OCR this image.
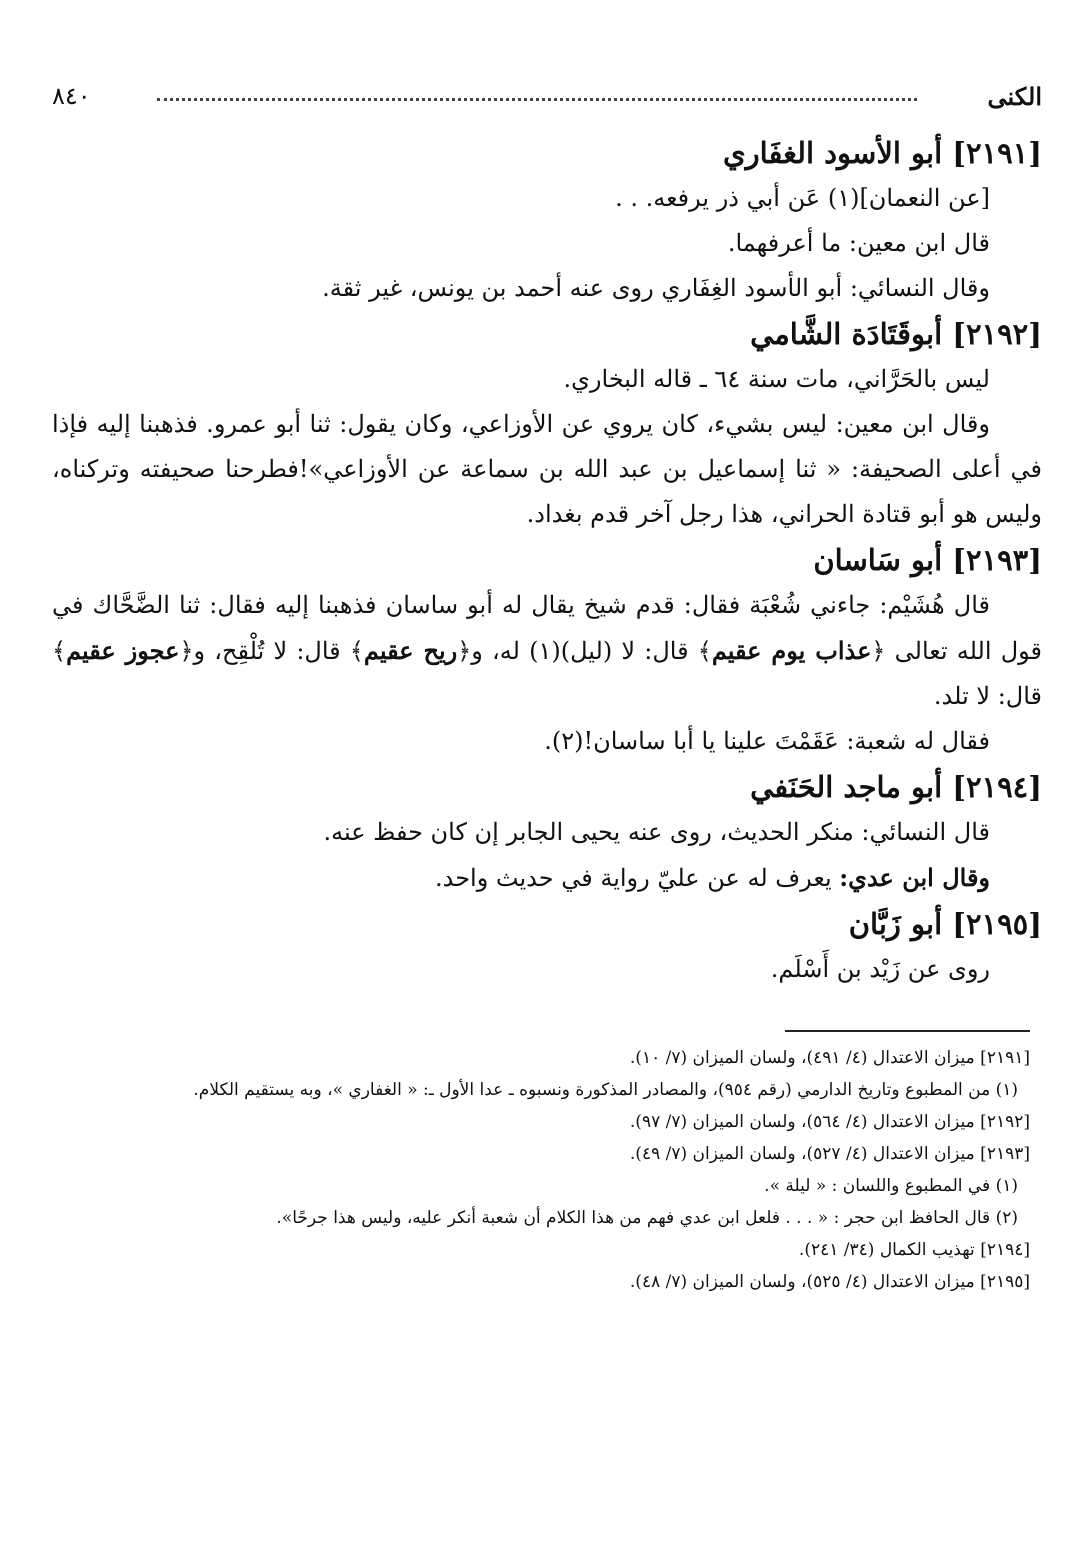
الكنى
٨٤٠
[٢١٩١] أبو الأسود الغفَاري

[عن النعمان](١) عَن أبي ذر يرفعه. . .

قال ابن معين: ما أعرفهما.

وقال النسائي: أبو الأسود الغِفَاري روى عنه أحمد بن يونس، غير ثقة.

[٢١٩٢] أبوقَتَادَة الشَّامي

ليس بالحَرَّاني، مات سنة ٦٤ ـ قاله البخاري.

وقال ابن معين: ليس بشيء، كان يروي عن الأوزاعي، وكان يقول: ثنا أبو عمرو. فذهبنا إليه فإذا في أعلى الصحيفة: « ثنا إسماعيل بن عبد الله بن سماعة عن الأوزاعي»!فطرحنا صحيفته وتركناه، وليس هو أبو قتادة الحراني، هذا رجل آخر قدم بغداد.

[٢١٩٣] أبو سَاسان

قال هُشَيْم: جاءني شُعْبَة فقال: قدم شيخ يقال له أبو ساسان فذهبنا إليه فقال: ثنا الضَّحَّاك في قول الله تعالى ﴿عذاب يوم عقيم﴾ قال: لا (ليل)(١) له، و﴿ريح عقيم﴾ قال: لا تُلْقِح، و﴿عجوز عقيم﴾ قال: لا تلد.

فقال له شعبة: عَقَمْتَ علينا يا أبا ساسان!(٢).

[٢١٩٤] أبو ماجد الحَنَفي

قال النسائي: منكر الحديث، روى عنه يحيى الجابر إن كان حفظ عنه.

وقال ابن عدي: يعرف له عن عليّ رواية في حديث واحد.

[٢١٩٥] أبو زَبَّان

روى عن زَيْد بن أَسْلَم.

[٢١٩١] ميزان الاعتدال (٤/ ٤٩١)، ولسان الميزان (٧/ ١٠).

(١) من المطبوع وتاريخ الدارمي (رقم ٩٥٤)، والمصادر المذكورة ونسبوه ـ عدا الأول ـ: « الغفاري »، وبه يستقيم الكلام.

[٢١٩٢] ميزان الاعتدال (٤/ ٥٦٤)، ولسان الميزان (٧/ ٩٧).

[٢١٩٣] ميزان الاعتدال (٤/ ٥٢٧)، ولسان الميزان (٧/ ٤٩).

(١) في المطبوع واللسان : « ليلة ».

(٢) قال الحافظ ابن حجر : « . . . فلعل ابن عدي فهم من هذا الكلام أن شعبة أنكر عليه، وليس هذا جرحًا».

[٢١٩٤] تهذيب الكمال (٣٤/ ٢٤١).

[٢١٩٥] ميزان الاعتدال (٤/ ٥٢٥)، ولسان الميزان (٧/ ٤٨).
